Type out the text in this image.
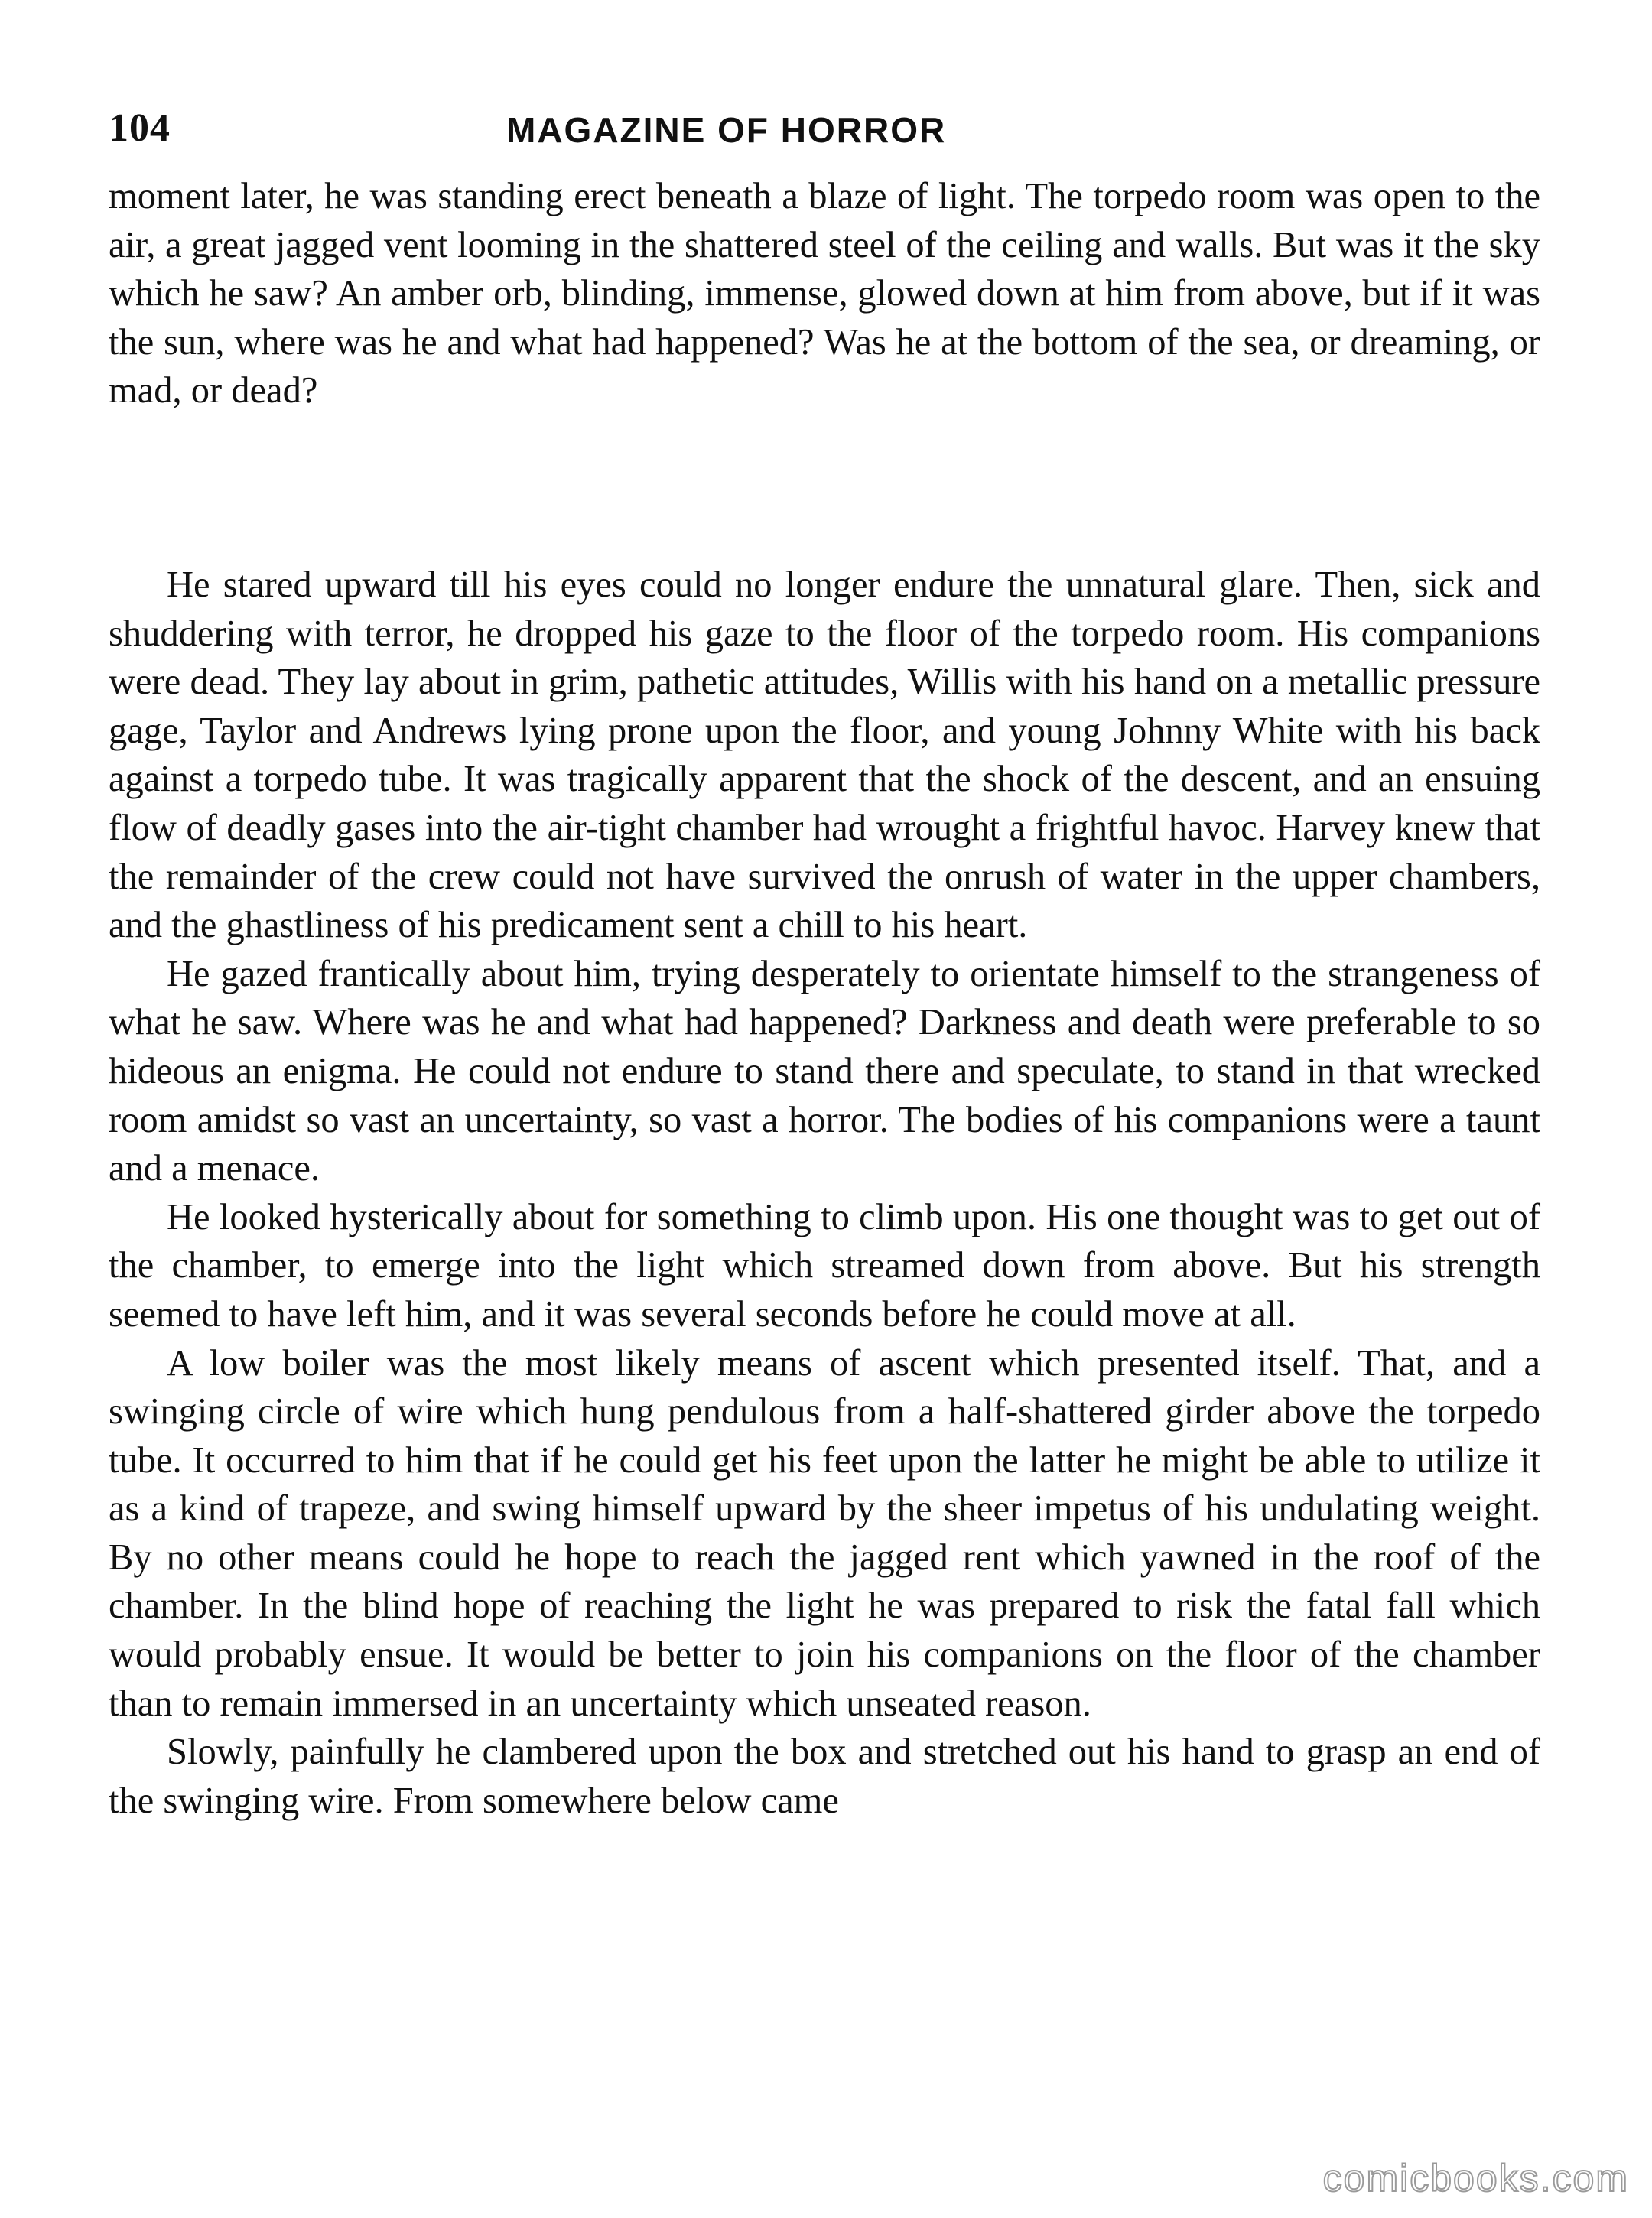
104	MAGAZINE OF HORROR

moment later, he was standing erect beneath a blaze of light. The torpedo room was open to the air, a great jagged vent looming in the shattered steel of the ceiling and walls. But was it the sky which he saw? An amber orb, blinding, immense, glowed down at him from above, but if it was the sun, where was he and what had happened? Was he at the bottom of the sea, or dreaming, or mad, or dead?

He stared upward till his eyes could no longer endure the unnatural glare. Then, sick and shuddering with terror, he dropped his gaze to the floor of the torpedo room. His companions were dead. They lay about in grim, pathetic attitudes, Willis with his hand on a metallic pressure gage, Taylor and Andrews lying prone upon the floor, and young Johnny White with his back against a torpedo tube. It was tragically apparent that the shock of the descent, and an ensuing flow of deadly gases into the air-tight chamber had wrought a frightful havoc. Harvey knew that the remainder of the crew could not have survived the onrush of water in the upper chambers, and the ghastliness of his predicament sent a chill to his heart.

He gazed frantically about him, trying desperately to orientate himself to the strangeness of what he saw. Where was he and what had happened? Darkness and death were preferable to so hideous an enigma. He could not endure to stand there and speculate, to stand in that wrecked room amidst so vast an uncertainty, so vast a horror. The bodies of his companions were a taunt and a menace.

He looked hysterically about for something to climb upon. His one thought was to get out of the chamber, to emerge into the light which streamed down from above. But his strength seemed to have left him, and it was several seconds before he could move at all.

A low boiler was the most likely means of ascent which presented itself. That, and a swinging circle of wire which hung pendulous from a half-shattered girder above the torpedo tube. It occurred to him that if he could get his feet upon the latter he might be able to utilize it as a kind of trapeze, and swing himself upward by the sheer impetus of his undulating weight. By no other means could he hope to reach the jagged rent which yawned in the roof of the chamber. In the blind hope of reaching the light he was prepared to risk the fatal fall which would probably ensue. It would be better to join his companions on the floor of the chamber than to remain immersed in an uncertainty which unseated reason.

Slowly, painfully he clambered upon the box and stretched out his hand to grasp an end of the swinging wire. From somewhere below came

comicbooks.com
